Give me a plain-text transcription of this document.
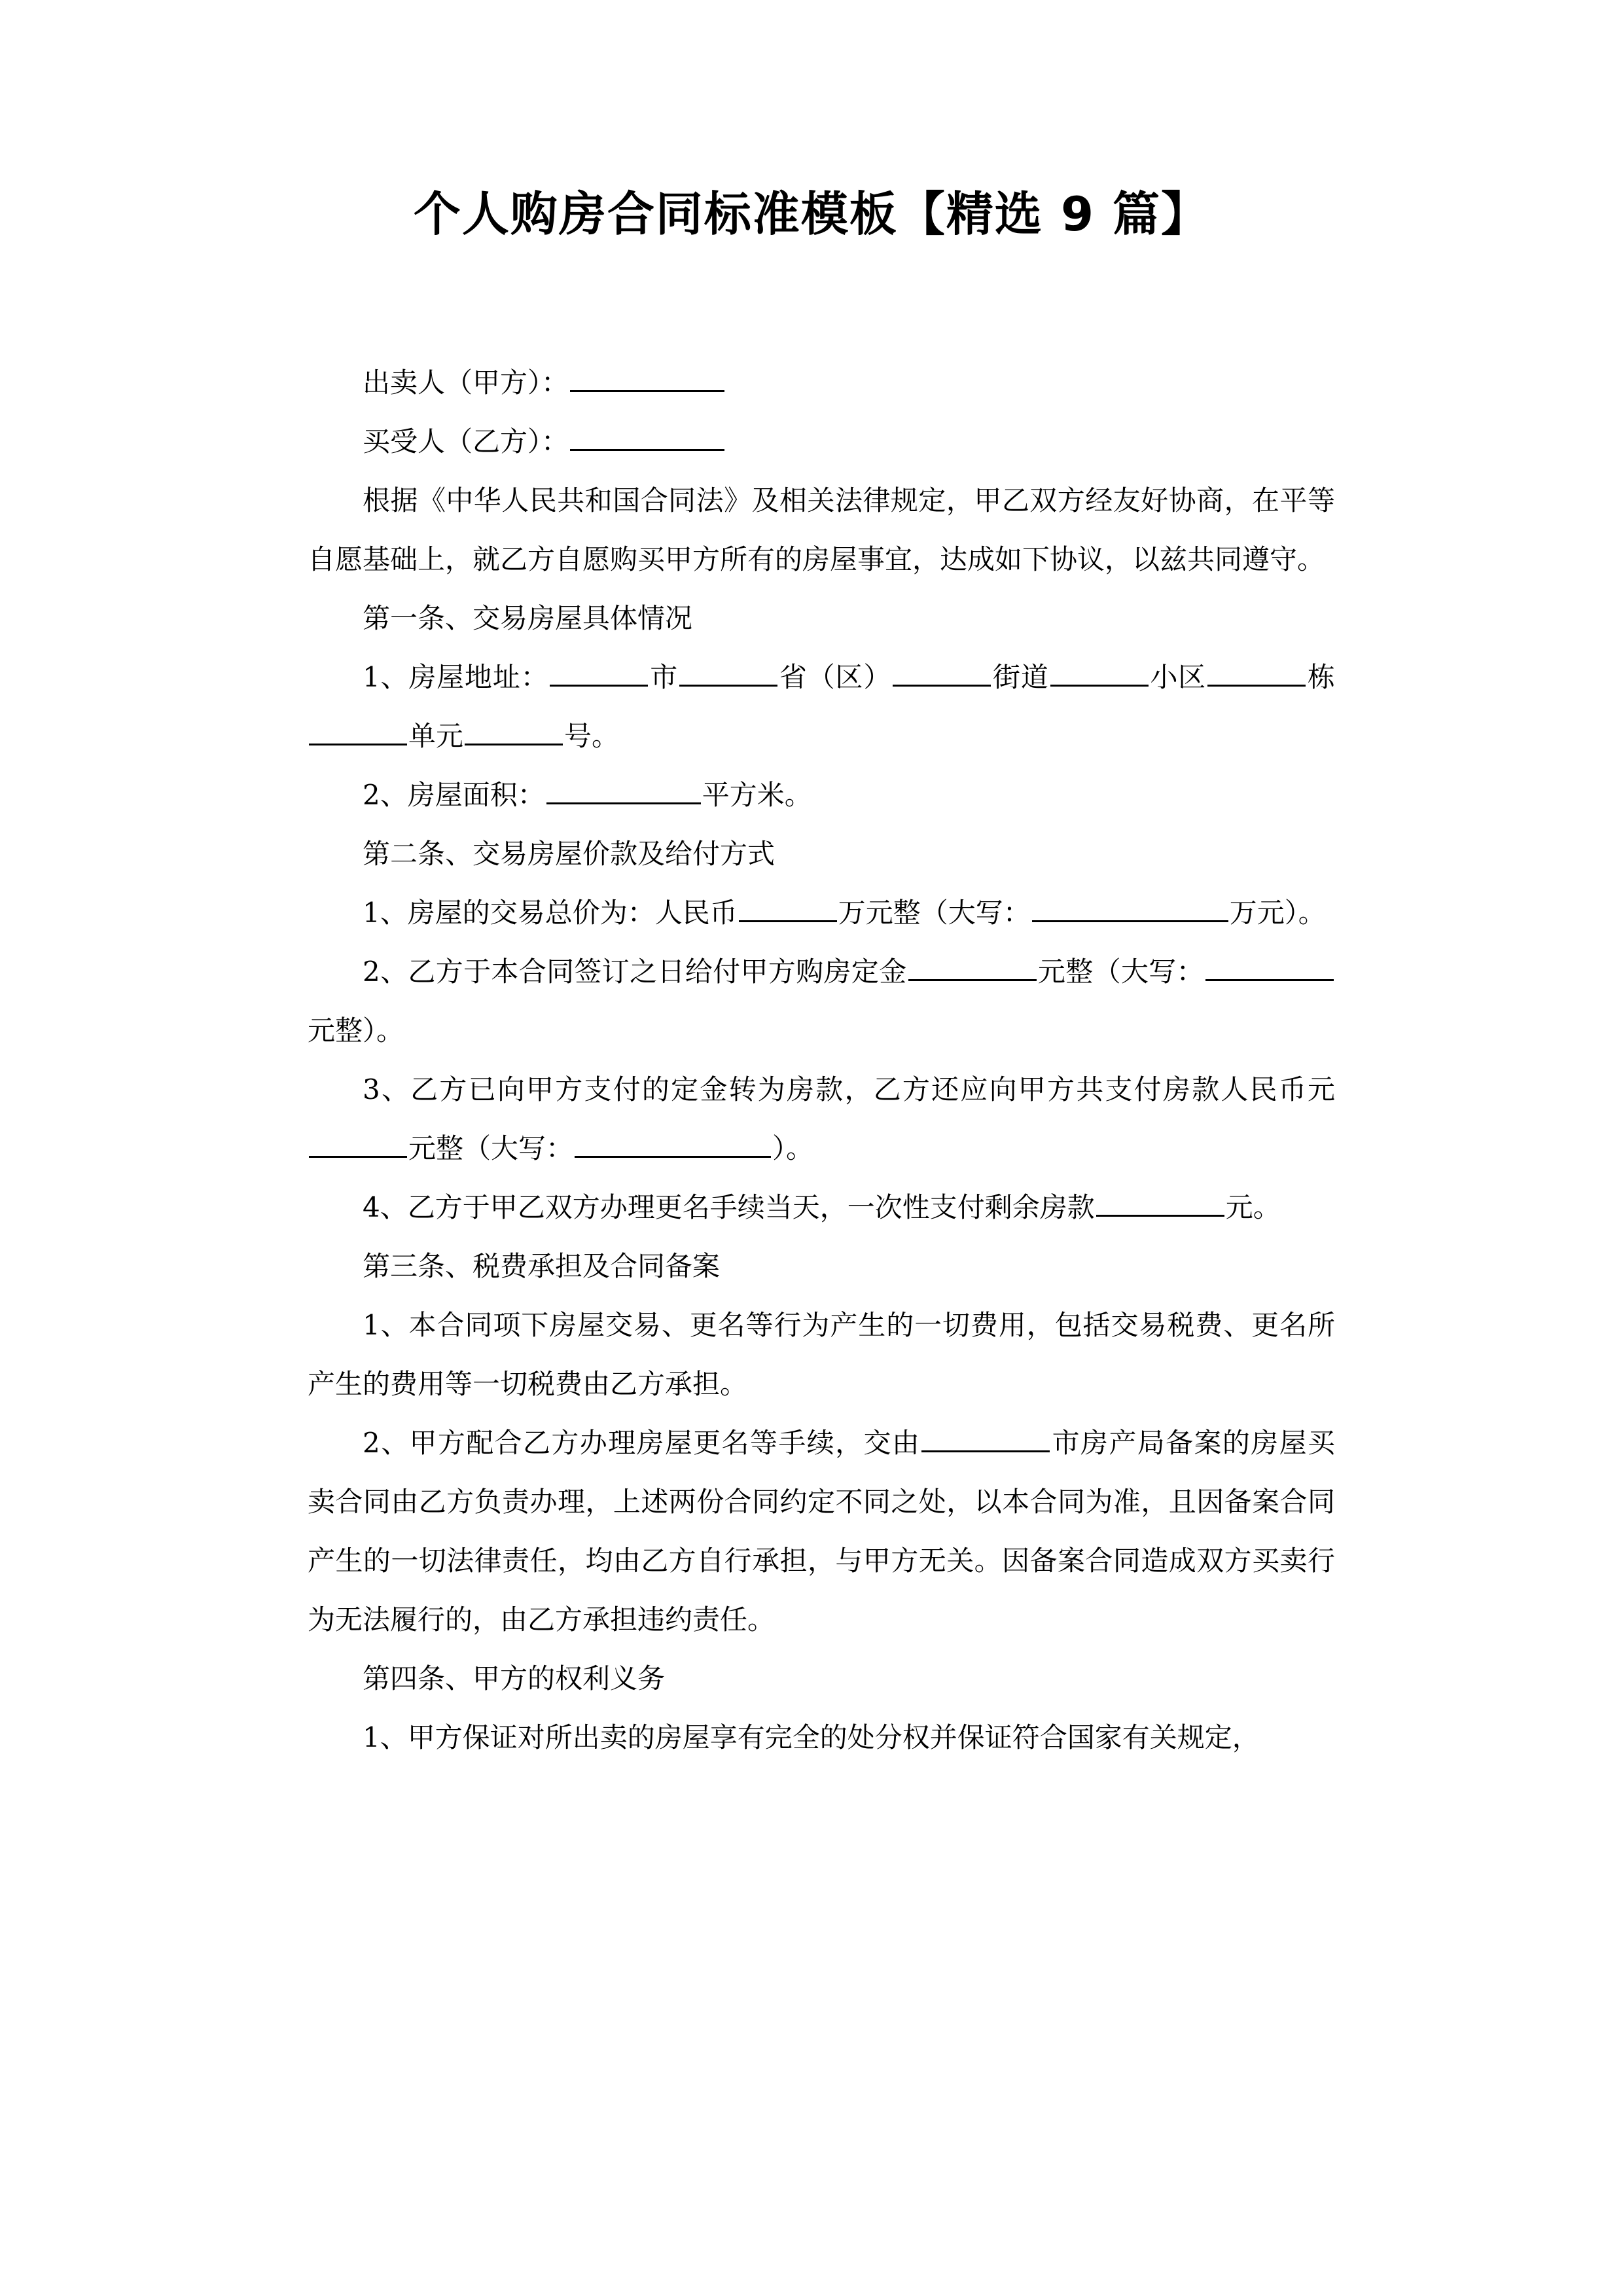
个人购房合同标准模板【精选 9 篇】

出卖人（甲方）：

买受人（乙方）：

根据《中华人民共和国合同法》及相关法律规定，甲乙双方经友好协商，在平等自愿基础上，就乙方自愿购买甲方所有的房屋事宜，达成如下协议，以兹共同遵守。

第一条、交易房屋具体情况

1、房屋地址：	市	省（区）	街道	小区	栋单元	号。

2、房屋面积：	平方米。

第二条、交易房屋价款及给付方式

1、房屋的交易总价为：人民币	万元整（大写：	万元）。

2、乙方于本合同签订之日给付甲方购房定金	元整（大写：元整）。

3、乙方已向甲方支付的定金转为房款，乙方还应向甲方共支付房款人民币元元整（大写：	）。

4、乙方于甲乙双方办理更名手续当天，一次性支付剩余房款	元。

第三条、税费承担及合同备案

1、本合同项下房屋交易、更名等行为产生的一切费用，包括交易税费、更名所产生的费用等一切税费由乙方承担。

2、甲方配合乙方办理房屋更名等手续，交由	市房产局备案的房屋买卖合同由乙方负责办理，上述两份合同约定不同之处，以本合同为准，且因备案合同产生的一切法律责任，均由乙方自行承担，与甲方无关。因备案合同造成双方买卖行为无法履行的，由乙方承担违约责任。

第四条、甲方的权利义务

1、甲方保证对所出卖的房屋享有完全的处分权并保证符合国家有关规定，
